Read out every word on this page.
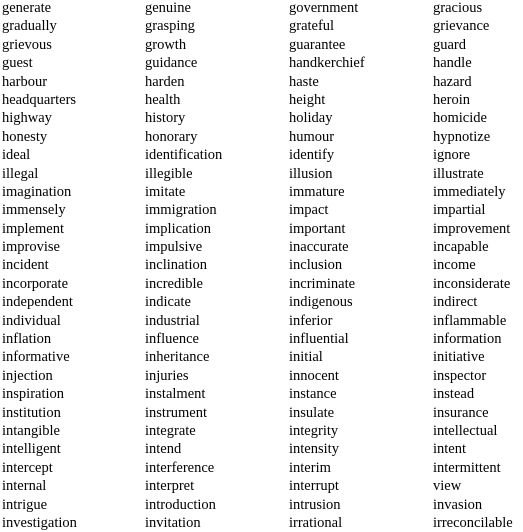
generate
gradually
grievous
guest
harbour
headquarters
highway
honesty
ideal
illegal
imagination
immensely
implement
improvise
incident
incorporate
independent
individual
inflation
informative
injection
inspiration
institution
intangible
intelligent
intercept
internal
intrigue
investigation
genuine
grasping
growth
guidance
harden
health
history
honorary
identification
illegible
imitate
immigration
implication
impulsive
inclination
incredible
indicate
industrial
influence
inheritance
injuries
instalment
instrument
integrate
intend
interference
interpret
introduction
invitation
government
grateful
guarantee
handkerchief
haste
height
holiday
humour
identify
illusion
immature
impact
important
inaccurate
inclusion
incriminate
indigenous
inferior
influential
initial
innocent
instance
insulate
integrity
intensity
interim
interrupt
intrusion
irrational
gracious
grievance
guard
handle
hazard
heroin
homicide
hypnotize
ignore
illustrate
immediately
impartial
improvement
incapable
income
inconsiderate
indirect
inflammable
information
initiative
inspector
instead
insurance
intellectual
intent
intermittent
view
invasion
irreconcilable
